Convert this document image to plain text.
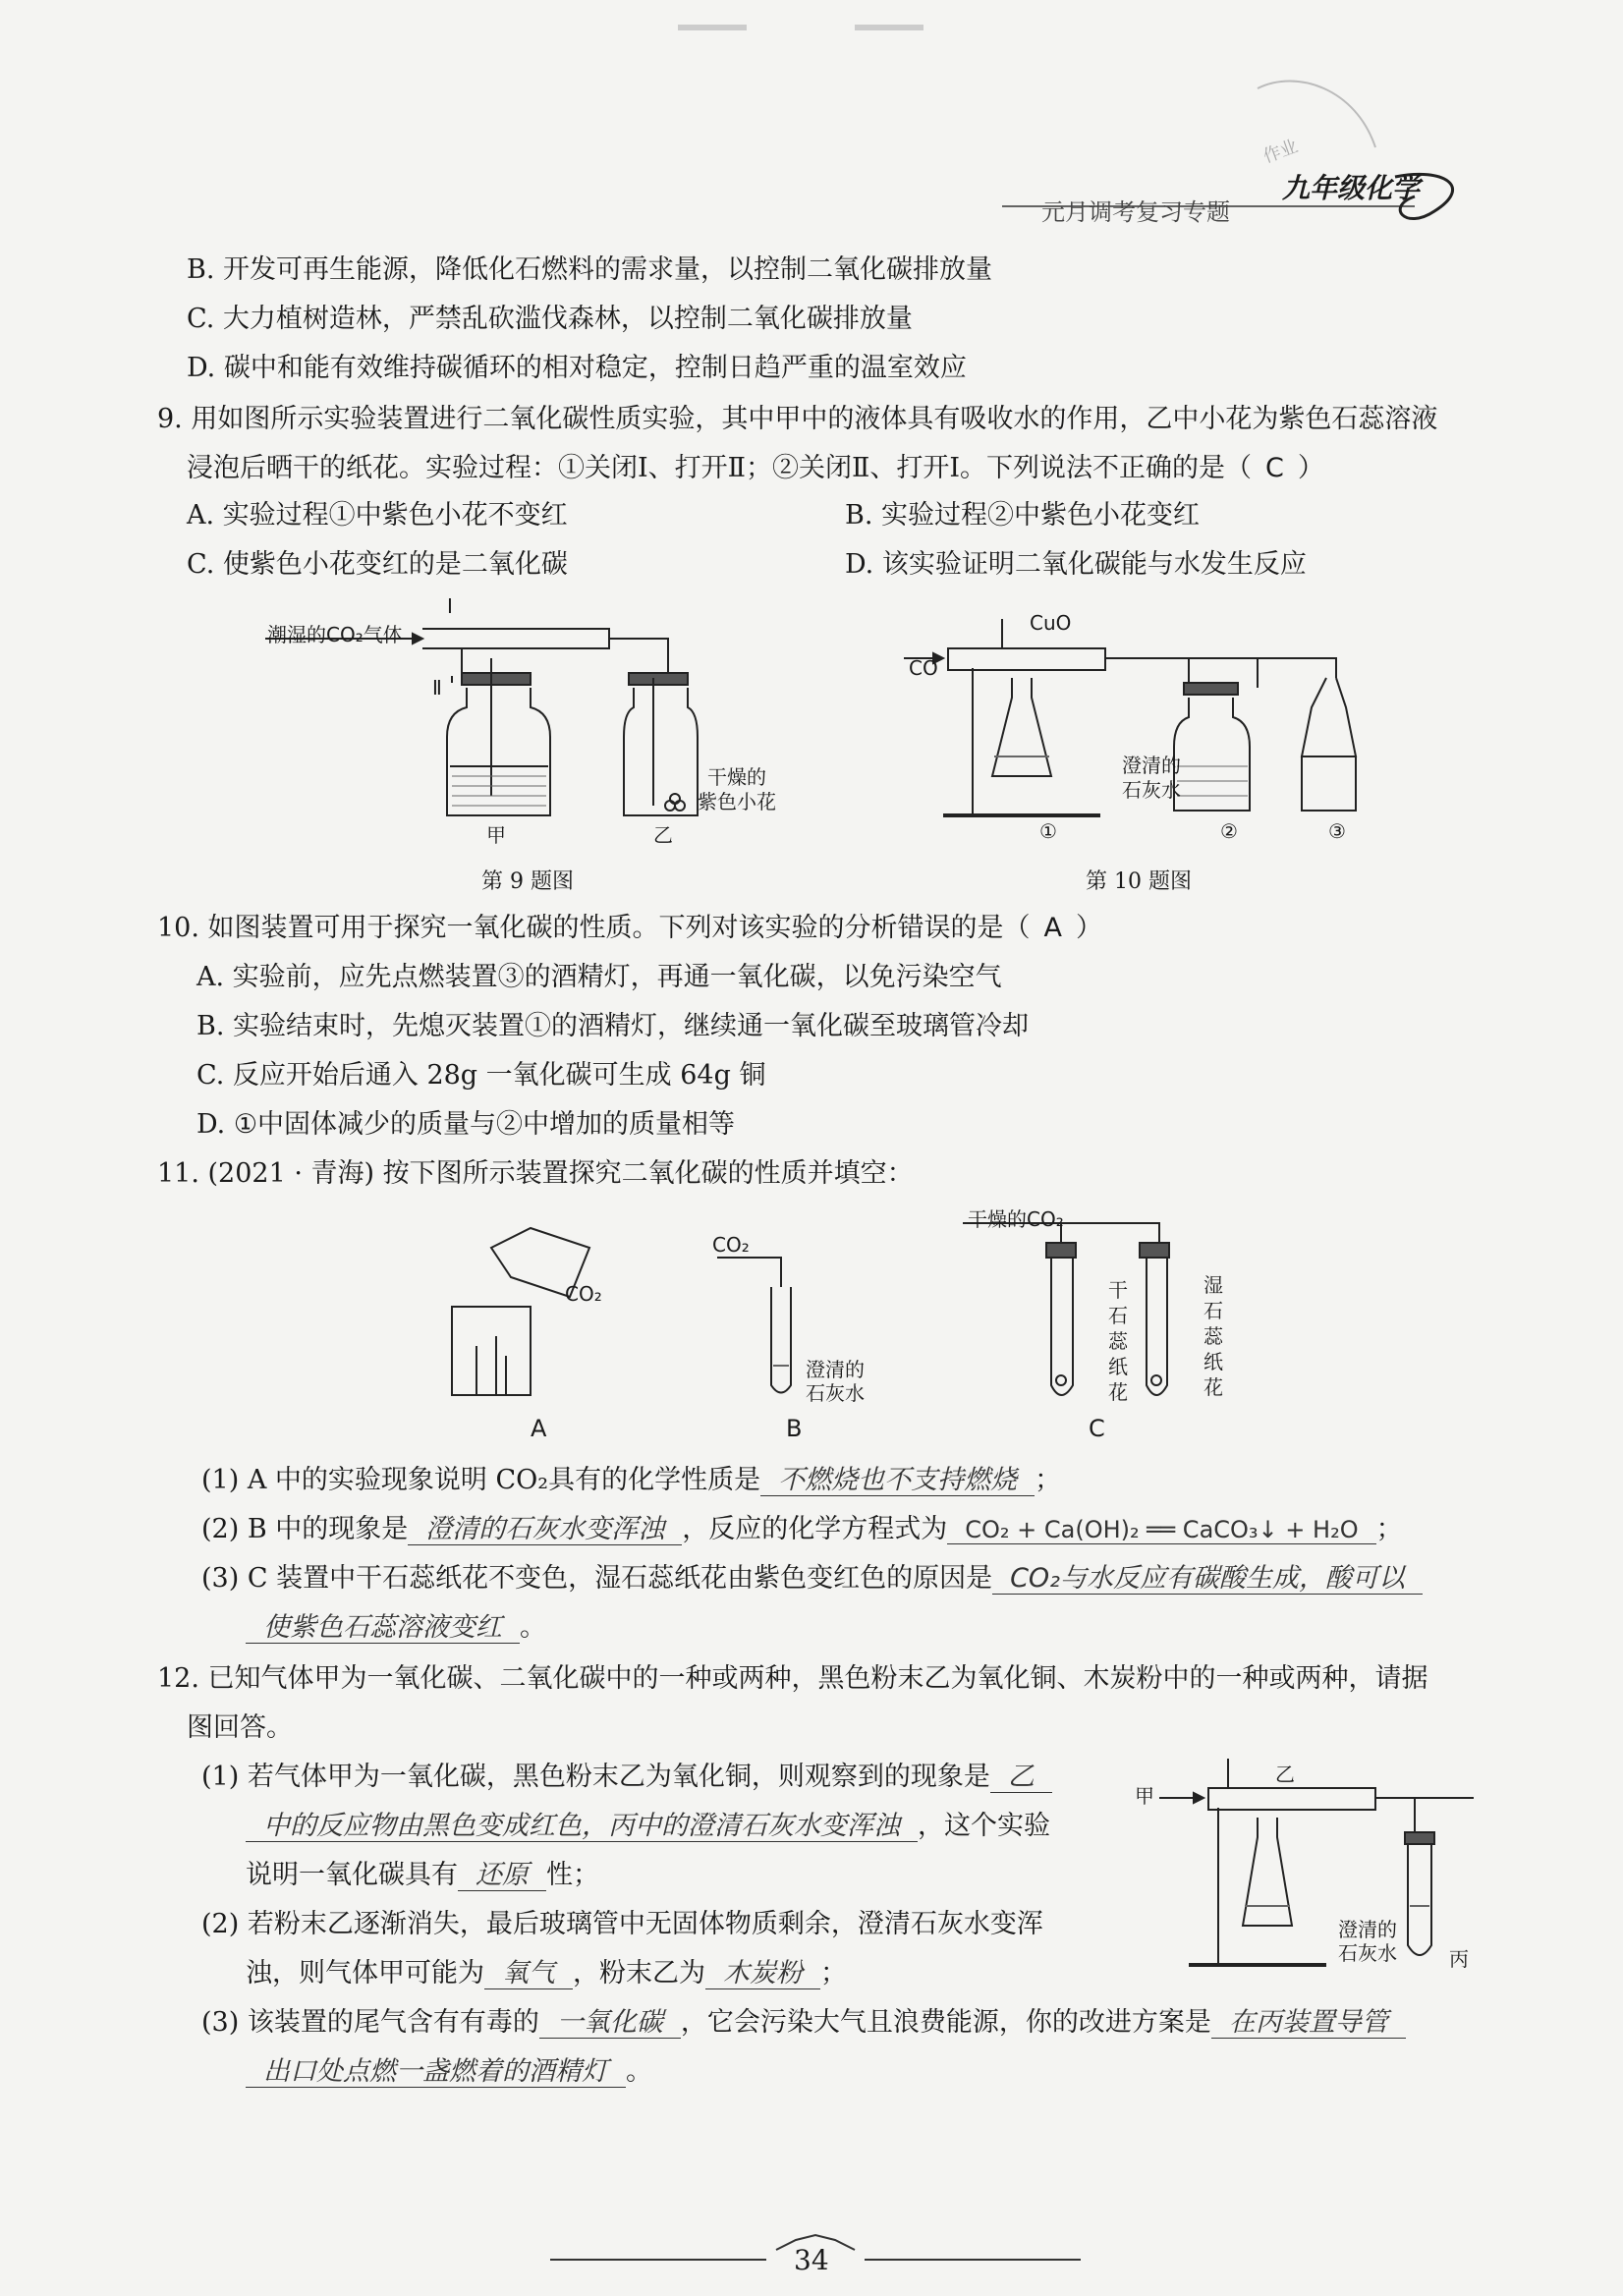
作业
九年级化学
元月调考复习专题
B. 开发可再生能源，降低化石燃料的需求量，以控制二氧化碳排放量
C. 大力植树造林，严禁乱砍滥伐森林，以控制二氧化碳排放量
D. 碳中和能有效维持碳循环的相对稳定，控制日趋严重的温室效应
9. 用如图所示实验装置进行二氧化碳性质实验，其中甲中的液体具有吸收水的作用，乙中小花为紫色石蕊溶液
浸泡后晒干的纸花。实验过程：①关闭Ⅰ、打开Ⅱ；②关闭Ⅱ、打开Ⅰ。下列说法不正确的是（ C ）
A. 实验过程①中紫色小花不变红	B. 实验过程②中紫色小花变红
C. 使紫色小花变红的是二氧化碳	D. 该实验证明二氧化碳能与水发生反应
潮湿的CO₂气体
Ⅰ
Ⅱ
干燥的
紫色小花
甲	乙
第 9 题图
CuO
CO
澄清的
石灰水
①	②	③
第 10 题图
10. 如图装置可用于探究一氧化碳的性质。下列对该实验的分析错误的是（ A ）
A. 实验前，应先点燃装置③的酒精灯，再通一氧化碳，以免污染空气
B. 实验结束时，先熄灭装置①的酒精灯，继续通一氧化碳至玻璃管冷却
C. 反应开始后通入 28g 一氧化碳可生成 64g 铜
D. ①中固体减少的质量与②中增加的质量相等
11. (2021 · 青海) 按下图所示装置探究二氧化碳的性质并填空：
CO₂
CO₂
干燥的CO₂
澄清的
石灰水
干石蕊纸花
湿石蕊纸花
A	B	C
(1) A 中的实验现象说明 CO₂具有的化学性质是 不燃烧也不支持燃烧 ；
(2) B 中的现象是 澄清的石灰水变浑浊 ，反应的化学方程式为 CO₂ + Ca(OH)₂ ══ CaCO₃↓ + H₂O ；
(3) C 装置中干石蕊纸花不变色，湿石蕊纸花由紫色变红色的原因是 CO₂与水反应有碳酸生成，酸可以
使紫色石蕊溶液变红 。
12. 已知气体甲为一氧化碳、二氧化碳中的一种或两种，黑色粉末乙为氧化铜、木炭粉中的一种或两种，请据
图回答。
(1) 若气体甲为一氧化碳，黑色粉末乙为氧化铜，则观察到的现象是 乙
中的反应物由黑色变成红色，丙中的澄清石灰水变浑浊 ，这个实验
说明一氧化碳具有 还原 性；
(2) 若粉末乙逐渐消失，最后玻璃管中无固体物质剩余，澄清石灰水变浑
浊，则气体甲可能为 氧气 ，粉末乙为 木炭粉 ；
(3) 该装置的尾气含有有毒的 一氧化碳 ，它会污染大气且浪费能源，你的改进方案是 在丙装置导管
出口处点燃一盏燃着的酒精灯 。
甲
乙
澄清的
石灰水	丙
34
